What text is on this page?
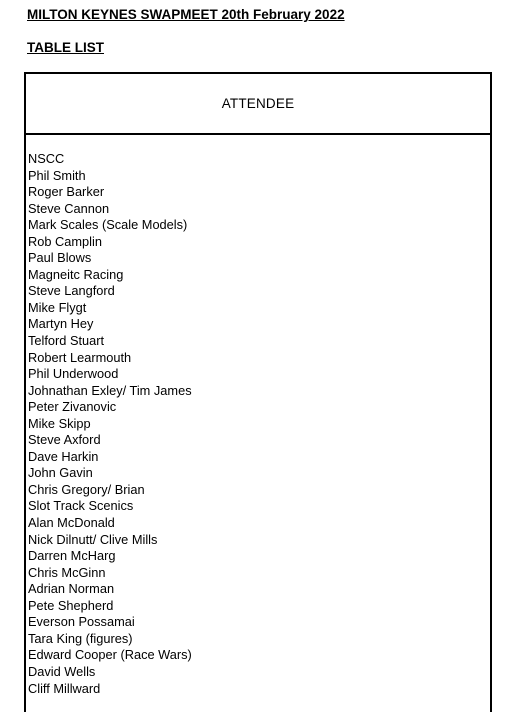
MILTON KEYNES SWAPMEET 20th February 2022
TABLE LIST
ATTENDEE
NSCC
Phil Smith
Roger Barker
Steve Cannon
Mark Scales (Scale Models)
Rob Camplin
Paul Blows
Magneitc Racing
Steve Langford
Mike Flygt
Martyn Hey
Telford Stuart
Robert Learmouth
Phil Underwood
Johnathan Exley/ Tim James
Peter Zivanovic
Mike Skipp
Steve Axford
Dave Harkin
John Gavin
Chris Gregory/ Brian
Slot Track Scenics
Alan McDonald
Nick Dilnutt/ Clive Mills
Darren McHarg
Chris McGinn
Adrian Norman
Pete Shepherd
Everson Possamai
Tara King (figures)
Edward Cooper (Race Wars)
David Wells
Cliff Millward
